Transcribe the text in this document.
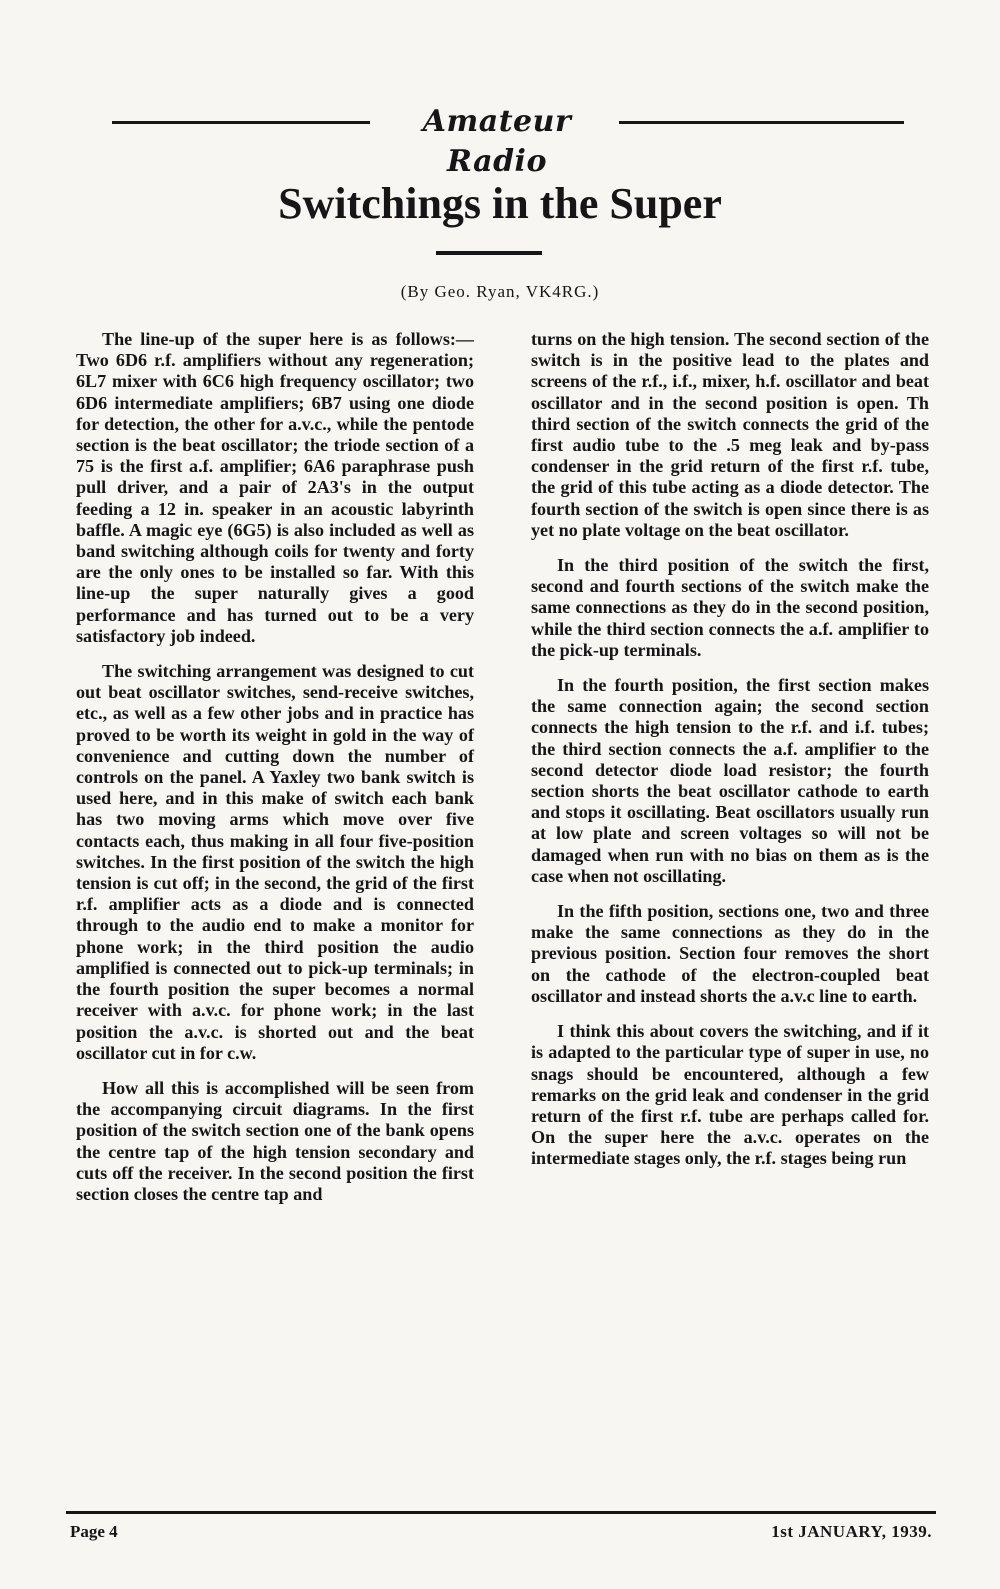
Amateur Radio
Switchings in the Super
(By Geo. Ryan, VK4RG.)

The line-up of the super here is as follows:—Two 6D6 r.f. amplifiers without any regeneration; 6L7 mixer with 6C6 high frequency oscillator; two 6D6 intermediate amplifiers; 6B7 using one diode for detection, the other for a.v.c., while the pentode section is the beat oscillator; the triode section of a 75 is the first a.f. amplifier; 6A6 paraphrase push pull driver, and a pair of 2A3's in the output feeding a 12 in. speaker in an acoustic labyrinth baffle. A magic eye (6G5) is also included as well as band switching although coils for twenty and forty are the only ones to be installed so far. With this line-up the super naturally gives a good performance and has turned out to be a very satisfactory job indeed.

The switching arrangement was designed to cut out beat oscillator switches, send-receive switches, etc., as well as a few other jobs and in practice has proved to be worth its weight in gold in the way of convenience and cutting down the number of controls on the panel. A Yaxley two bank switch is used here, and in this make of switch each bank has two moving arms which move over five contacts each, thus making in all four five-position switches. In the first position of the switch the high tension is cut off; in the second, the grid of the first r.f. amplifier acts as a diode and is connected through to the audio end to make a monitor for phone work; in the third position the audio amplified is connected out to pick-up terminals; in the fourth position the super becomes a normal receiver with a.v.c. for phone work; in the last position the a.v.c. is shorted out and the beat oscillator cut in for c.w.

How all this is accomplished will be seen from the accompanying circuit diagrams. In the first position of the switch section one of the bank opens the centre tap of the high tension secondary and cuts off the receiver. In the second position the first section closes the centre tap and

turns on the high tension. The second section of the switch is in the positive lead to the plates and screens of the r.f., i.f., mixer, h.f. oscillator and beat oscillator and in the second position is open. Th third section of the switch connects the grid of the first audio tube to the .5 meg leak and by-pass condenser in the grid return of the first r.f. tube, the grid of this tube acting as a diode detector. The fourth section of the switch is open since there is as yet no plate voltage on the beat oscillator.

In the third position of the switch the first, second and fourth sections of the switch make the same connections as they do in the second position, while the third section connects the a.f. amplifier to the pick-up terminals.

In the fourth position, the first section makes the same connection again; the second section connects the high tension to the r.f. and i.f. tubes; the third section connects the a.f. amplifier to the second detector diode load resistor; the fourth section shorts the beat oscillator cathode to earth and stops it oscillating. Beat oscillators usually run at low plate and screen voltages so will not be damaged when run with no bias on them as is the case when not oscillating.

In the fifth position, sections one, two and three make the same connections as they do in the previous position. Section four removes the short on the cathode of the electron-coupled beat oscillator and instead shorts the a.v.c line to earth.

I think this about covers the switching, and if it is adapted to the particular type of super in use, no snags should be encountered, although a few remarks on the grid leak and condenser in the grid return of the first r.f. tube are perhaps called for. On the super here the a.v.c. operates on the intermediate stages only, the r.f. stages being run

Page 4	1st JANUARY, 1939.
